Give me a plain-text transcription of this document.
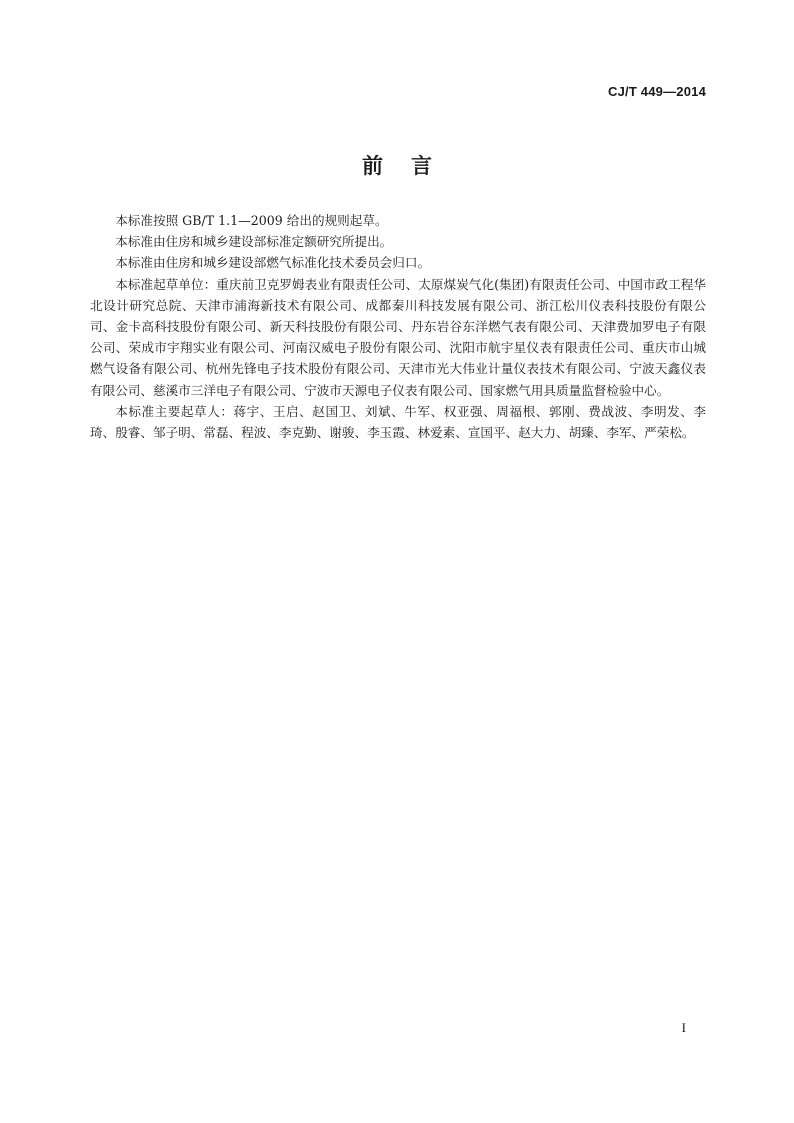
CJ/T 449—2014
前言

本标准按照 GB/T 1.1—2009 给出的规则起草。

本标准由住房和城乡建设部标准定额研究所提出。

本标准由住房和城乡建设部燃气标准化技术委员会归口。

本标准起草单位：重庆前卫克罗姆表业有限责任公司、太原煤炭气化(集团)有限责任公司、中国市政工程华北设计研究总院、天津市浦海新技术有限公司、成都秦川科技发展有限公司、浙江松川仪表科技股份有限公司、金卡高科技股份有限公司、新天科技股份有限公司、丹东岩谷东洋燃气表有限公司、天津费加罗电子有限公司、荣成市宇翔实业有限公司、河南汉威电子股份有限公司、沈阳市航宇星仪表有限责任公司、重庆市山城燃气设备有限公司、杭州先锋电子技术股份有限公司、天津市光大伟业计量仪表技术有限公司、宁波天鑫仪表有限公司、慈溪市三洋电子有限公司、宁波市天源电子仪表有限公司、国家燃气用具质量监督检验中心。

本标准主要起草人：蒋宇、王启、赵国卫、刘斌、牛军、权亚强、周福根、郭刚、费战波、李明发、李琦、殷睿、邹子明、常磊、程波、李克勤、谢骏、李玉霞、林爱素、宣国平、赵大力、胡臻、李军、严荣松。

I
